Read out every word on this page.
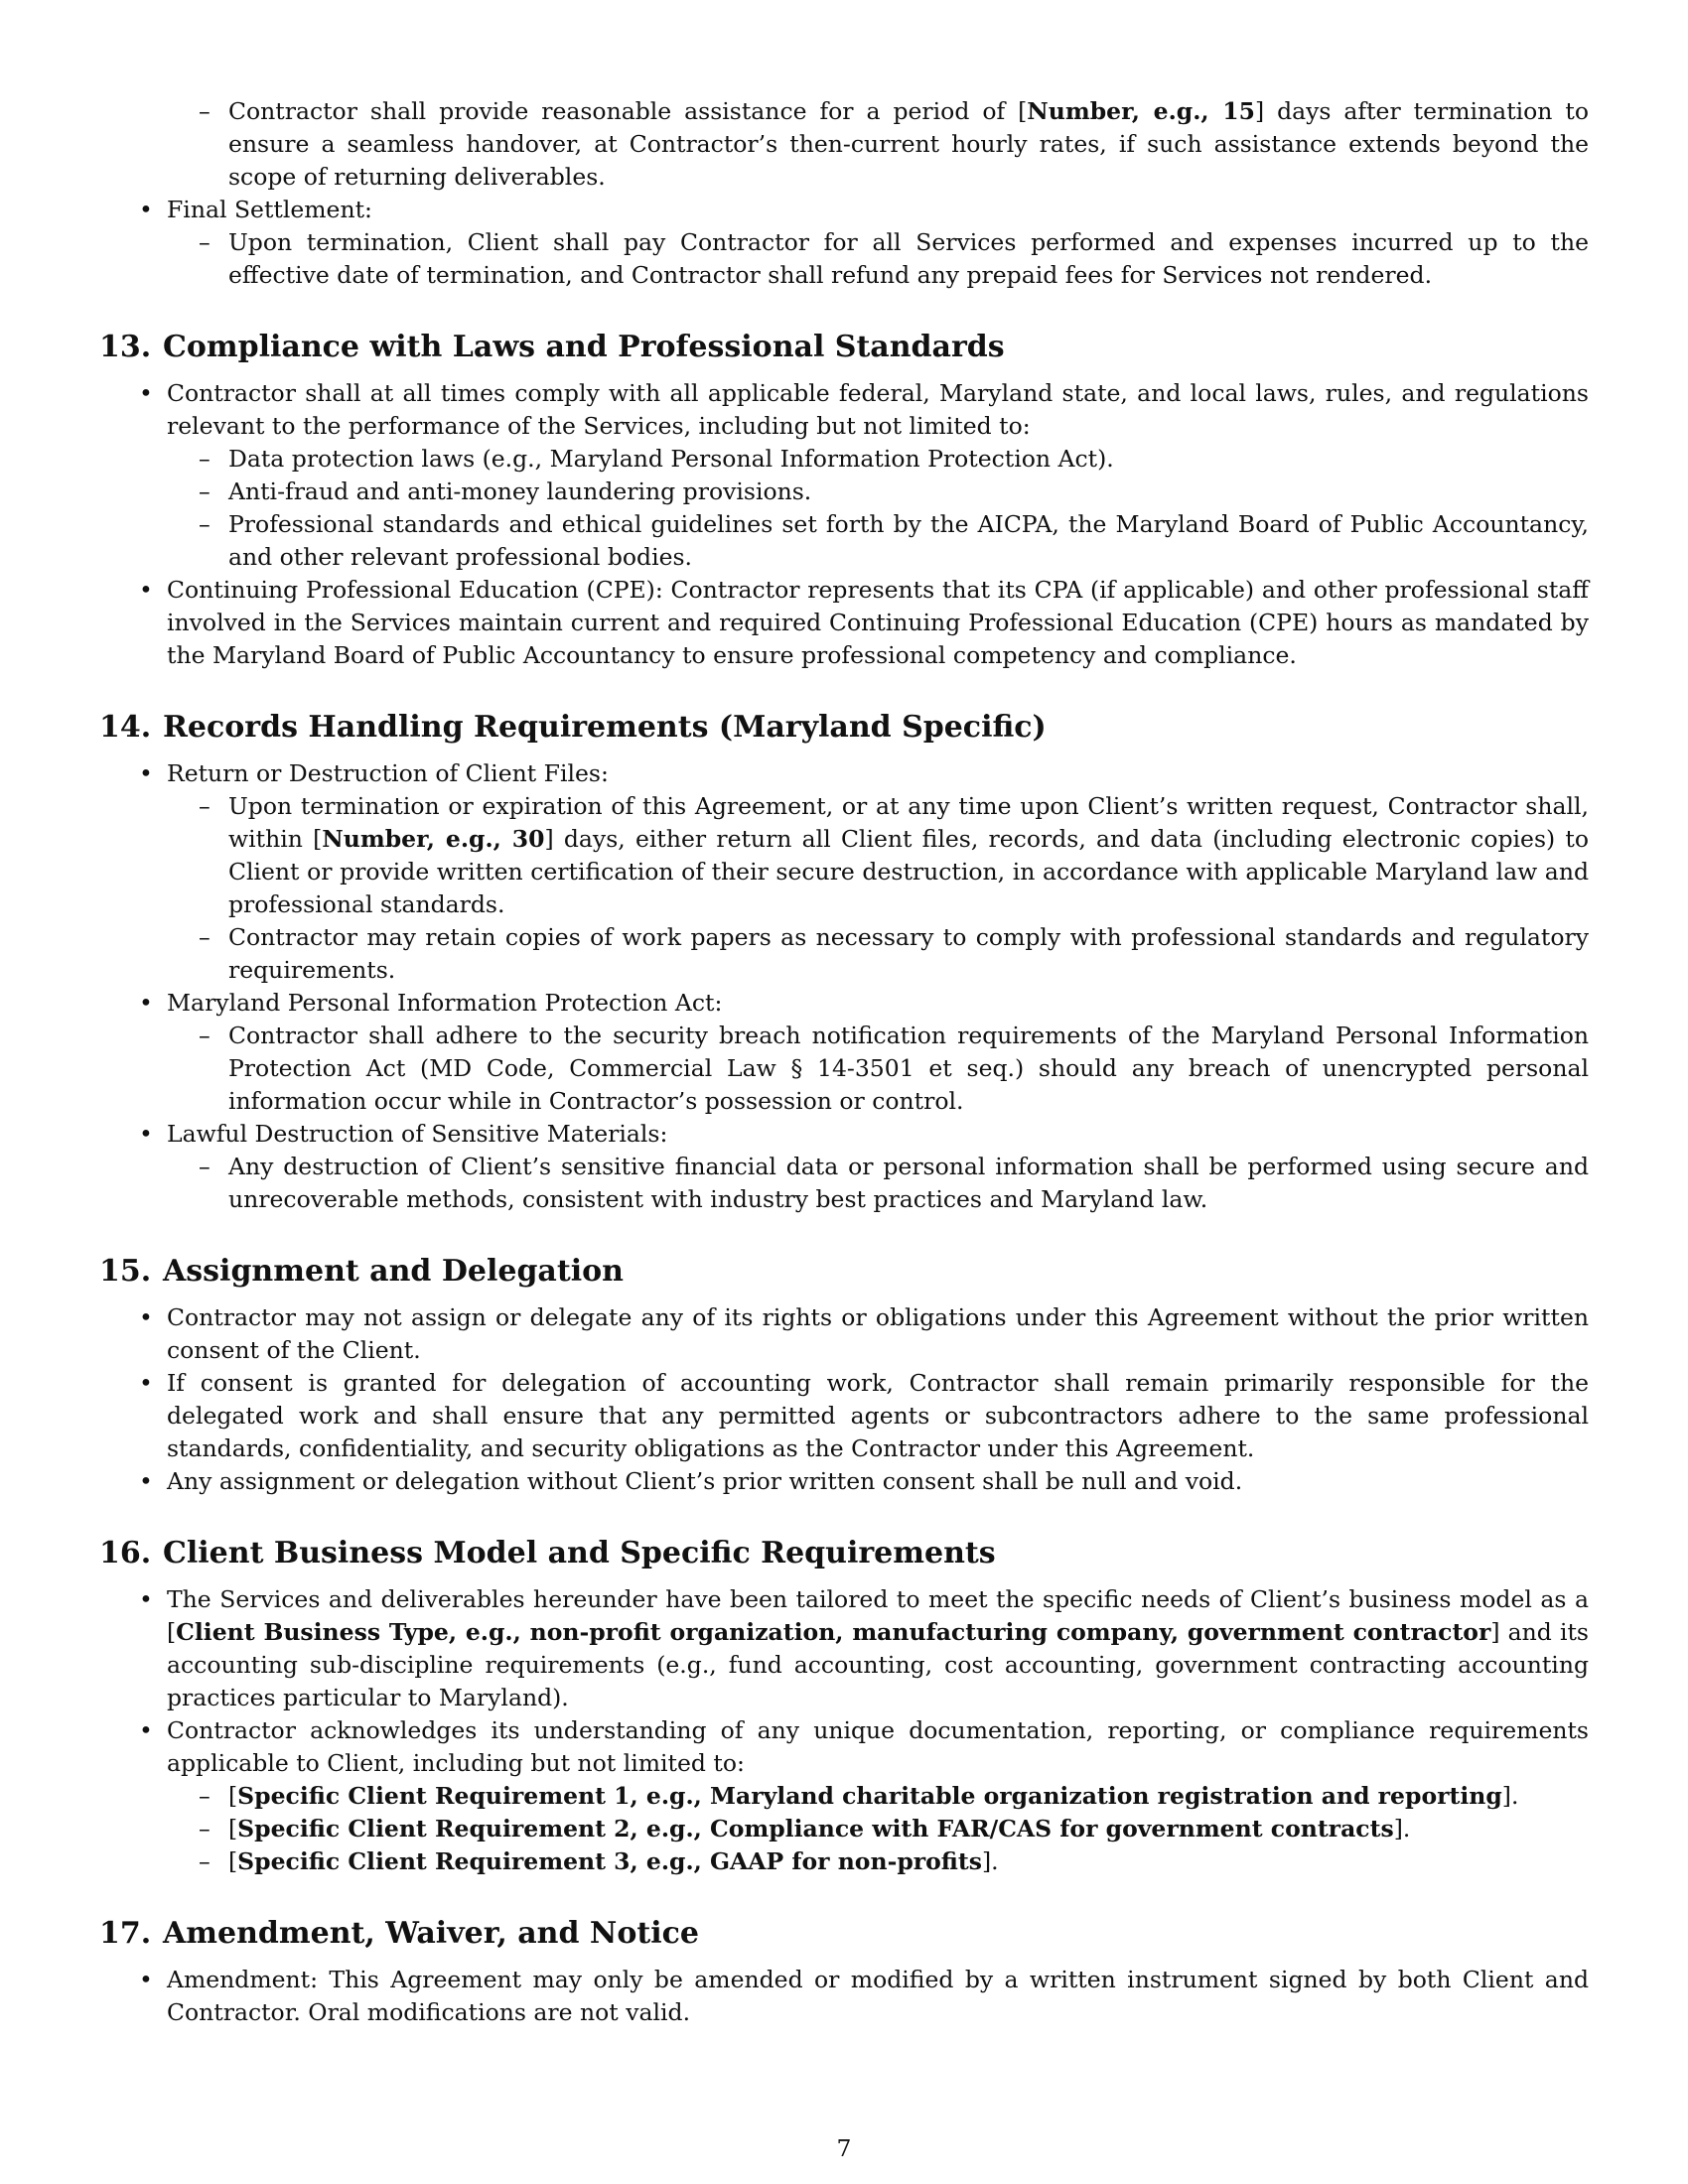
– Contractor shall provide reasonable assistance for a period of [Number, e.g., 15] days after termination to ensure a seamless handover, at Contractor’s then-current hourly rates, if such assistance extends beyond the scope of returning deliverables.
• Final Settlement:
– Upon termination, Client shall pay Contractor for all Services performed and expenses incurred up to the effective date of termination, and Contractor shall refund any prepaid fees for Services not rendered.
13. Compliance with Laws and Professional Standards
• Contractor shall at all times comply with all applicable federal, Maryland state, and local laws, rules, and regulations relevant to the performance of the Services, including but not limited to:
– Data protection laws (e.g., Maryland Personal Information Protection Act).
– Anti-fraud and anti-money laundering provisions.
– Professional standards and ethical guidelines set forth by the AICPA, the Maryland Board of Public Accountancy, and other relevant professional bodies.
• Continuing Professional Education (CPE): Contractor represents that its CPA (if applicable) and other professional staff involved in the Services maintain current and required Continuing Professional Education (CPE) hours as mandated by the Maryland Board of Public Accountancy to ensure professional competency and compliance.
14. Records Handling Requirements (Maryland Specific)
• Return or Destruction of Client Files:
– Upon termination or expiration of this Agreement, or at any time upon Client’s written request, Contractor shall, within [Number, e.g., 30] days, either return all Client files, records, and data (including electronic copies) to Client or provide written certification of their secure destruction, in accordance with applicable Maryland law and professional standards.
– Contractor may retain copies of work papers as necessary to comply with professional standards and regulatory requirements.
• Maryland Personal Information Protection Act:
– Contractor shall adhere to the security breach notification requirements of the Maryland Personal Information Protection Act (MD Code, Commercial Law § 14-3501 et seq.) should any breach of unencrypted personal information occur while in Contractor’s possession or control.
• Lawful Destruction of Sensitive Materials:
– Any destruction of Client’s sensitive financial data or personal information shall be performed using secure and unrecoverable methods, consistent with industry best practices and Maryland law.
15. Assignment and Delegation
• Contractor may not assign or delegate any of its rights or obligations under this Agreement without the prior written consent of the Client.
• If consent is granted for delegation of accounting work, Contractor shall remain primarily responsible for the delegated work and shall ensure that any permitted agents or subcontractors adhere to the same professional standards, confidentiality, and security obligations as the Contractor under this Agreement.
• Any assignment or delegation without Client’s prior written consent shall be null and void.
16. Client Business Model and Specific Requirements
• The Services and deliverables hereunder have been tailored to meet the specific needs of Client’s business model as a [Client Business Type, e.g., non-profit organization, manufacturing company, government contractor] and its accounting sub-discipline requirements (e.g., fund accounting, cost accounting, government contracting accounting practices particular to Maryland).
• Contractor acknowledges its understanding of any unique documentation, reporting, or compliance requirements applicable to Client, including but not limited to:
– [Specific Client Requirement 1, e.g., Maryland charitable organization registration and reporting].
– [Specific Client Requirement 2, e.g., Compliance with FAR/CAS for government contracts].
– [Specific Client Requirement 3, e.g., GAAP for non-profits].
17. Amendment, Waiver, and Notice
• Amendment: This Agreement may only be amended or modified by a written instrument signed by both Client and Contractor. Oral modifications are not valid.
7
